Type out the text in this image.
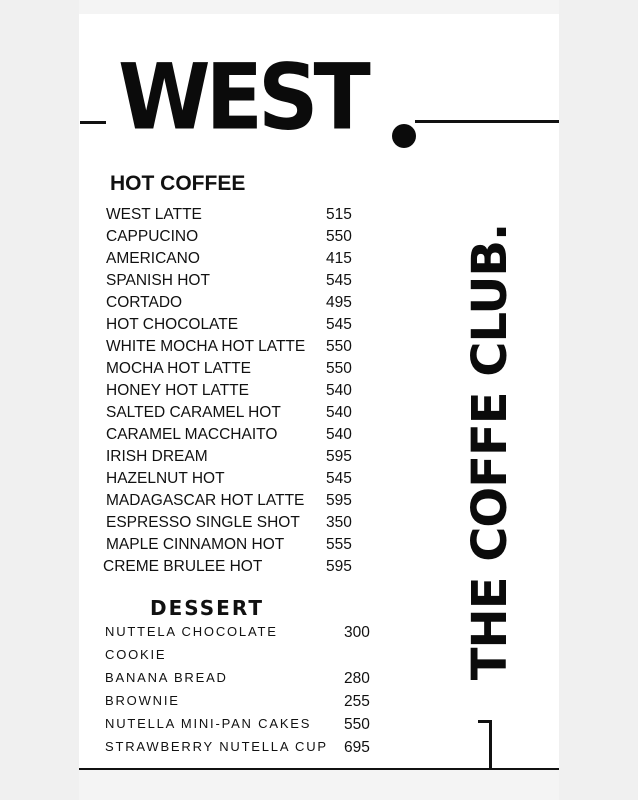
WEST
THE COFFE CLUB.
HOT COFFEE
WEST LATTE	515
CAPPUCINO	550
AMERICANO	415
SPANISH HOT	545
CORTADO	495
HOT CHOCOLATE	545
WHITE MOCHA HOT LATTE 550
MOCHA HOT LATTE	550
HONEY HOT LATTE	540
SALTED CARAMEL HOT	540
CARAMEL MACCHAITO	540
IRISH DREAM	595
HAZELNUT HOT	545
MADAGASCAR HOT LATTE 595
ESPRESSO SINGLE SHOT 350
MAPLE CINNAMON HOT	555
CREME BRULEE HOT	595
DESSERT
NUTTELA CHOCOLATE	300
COOKIE
BANANA BREAD	280
BROWNIE	255
NUTELLA MINI-PAN CAKES 550
STRAWBERRY NUTELLA CUP 695
